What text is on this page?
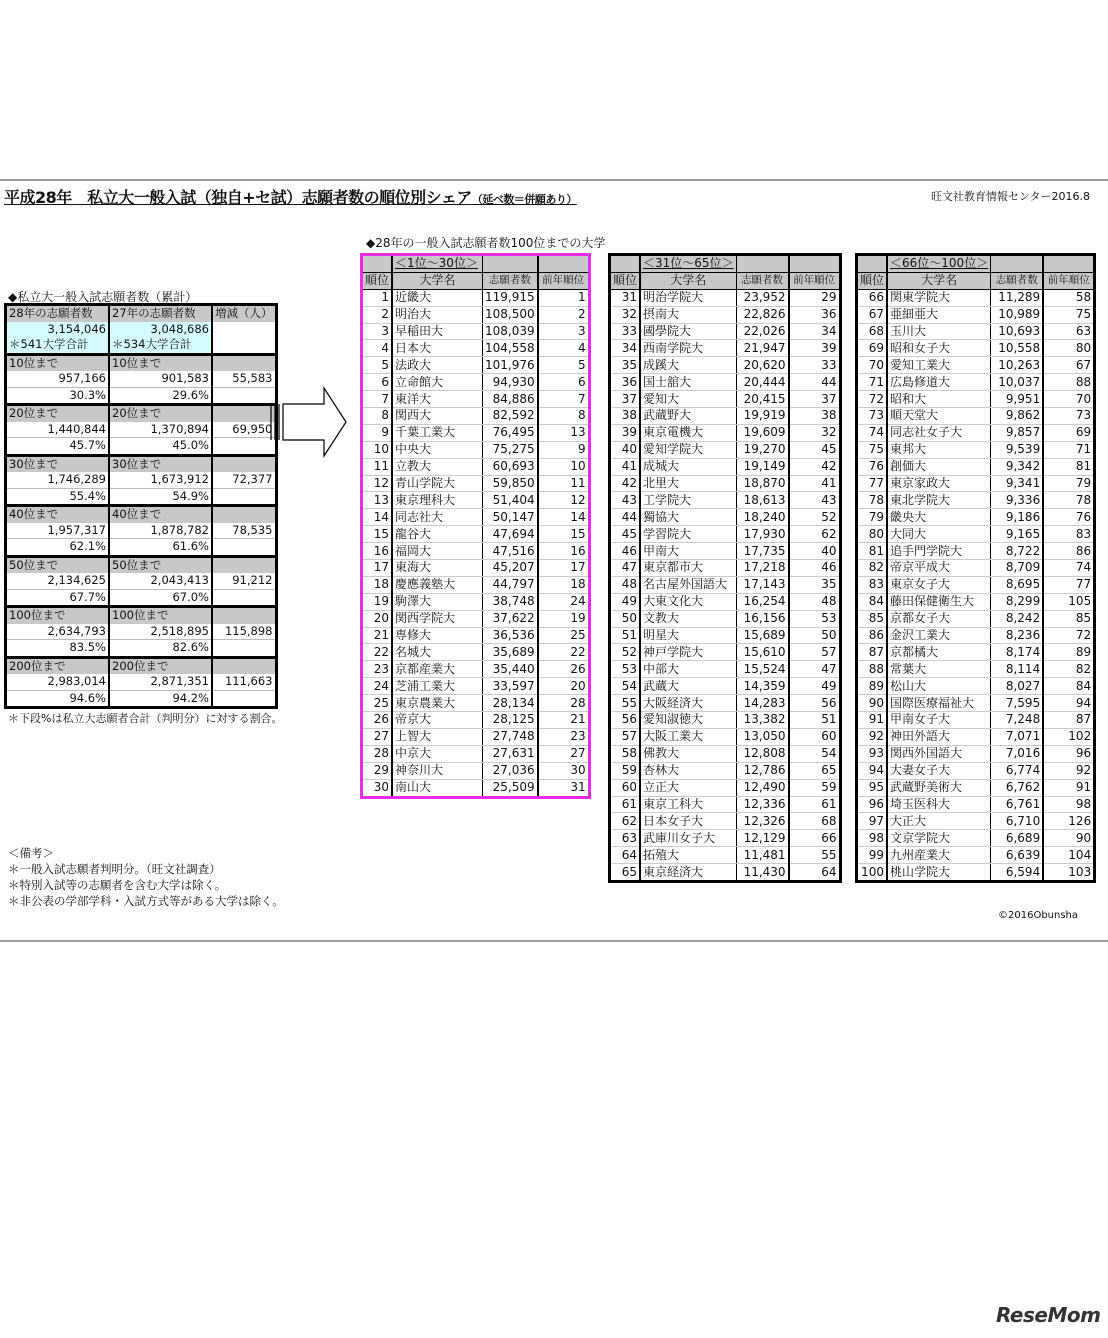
平成28年　私立大一般入試（独自+セ試）志願者数の順位別シェア（延べ数＝併願あり）	旺文社教育情報センター2016.8
◆私立大一般入試志願者数（累計）
28年の志願者数	27年の志願者数	増減（人）
3,154,046	3,048,686	
＊541大学合計	＊534大学合計	
10位まで	10位まで	
957,166	901,583	55,583
30.3%	29.6%	
20位まで	20位まで	
1,440,844	1,370,894	69,950
45.7%	45.0%	
30位まで	30位まで	
1,746,289	1,673,912	72,377
55.4%	54.9%	
40位まで	40位まで	
1,957,317	1,878,782	78,535
62.1%	61.6%	
50位まで	50位まで	
2,134,625	2,043,413	91,212
67.7%	67.0%	
100位まで	100位まで	
2,634,793	2,518,895	115,898
83.5%	82.6%	
200位まで	200位まで	
2,983,014	2,871,351	111,663
94.6%	94.2%	
＊下段%は私立大志願者合計（判明分）に対する割合。
◆28年の一般入試志願者数100位までの大学
	＜1位～30位＞		
順位	大学名	志願者数	前年順位
1	近畿大	119,915	1
2	明治大	108,500	2
3	早稲田大	108,039	3
4	日本大	104,558	4
5	法政大	101,976	5
6	立命館大	94,930	6
7	東洋大	84,886	7
8	関西大	82,592	8
9	千葉工業大	76,495	13
10	中央大	75,275	9
11	立教大	60,693	10
12	青山学院大	59,850	11
13	東京理科大	51,404	12
14	同志社大	50,147	14
15	龍谷大	47,694	15
16	福岡大	47,516	16
17	東海大	45,207	17
18	慶應義塾大	44,797	18
19	駒澤大	38,748	24
20	関西学院大	37,622	19
21	専修大	36,536	25
22	名城大	35,689	22
23	京都産業大	35,440	26
24	芝浦工業大	33,597	20
25	東京農業大	28,134	28
26	帝京大	28,125	21
27	上智大	27,748	23
28	中京大	27,631	27
29	神奈川大	27,036	30
30	南山大	25,509	31
	＜31位～65位＞		
順位	大学名	志願者数	前年順位
31	明治学院大	23,952	29
32	摂南大	22,826	36
33	國學院大	22,026	34
34	西南学院大	21,947	39
35	成蹊大	20,620	33
36	国士舘大	20,444	44
37	愛知大	20,415	37
38	武蔵野大	19,919	38
39	東京電機大	19,609	32
40	愛知学院大	19,270	45
41	成城大	19,149	42
42	北里大	18,870	41
43	工学院大	18,613	43
44	獨協大	18,240	52
45	学習院大	17,930	62
46	甲南大	17,735	40
47	東京都市大	17,218	46
48	名古屋外国語大	17,143	35
49	大東文化大	16,254	48
50	文教大	16,156	53
51	明星大	15,689	50
52	神戸学院大	15,610	57
53	中部大	15,524	47
54	武蔵大	14,359	49
55	大阪経済大	14,283	56
56	愛知淑徳大	13,382	51
57	大阪工業大	13,050	60
58	佛教大	12,808	54
59	杏林大	12,786	65
60	立正大	12,490	59
61	東京工科大	12,336	61
62	日本女子大	12,326	68
63	武庫川女子大	12,129	66
64	拓殖大	11,481	55
65	東京経済大	11,430	64
	＜66位～100位＞		
順位	大学名	志願者数	前年順位
66	関東学院大	11,289	58
67	亜細亜大	10,989	75
68	玉川大	10,693	63
69	昭和女子大	10,558	80
70	愛知工業大	10,263	67
71	広島修道大	10,037	88
72	昭和大	9,951	70
73	順天堂大	9,862	73
74	同志社女子大	9,857	69
75	東邦大	9,539	71
76	創価大	9,342	81
77	東京家政大	9,341	79
78	東北学院大	9,336	78
79	畿央大	9,186	76
80	大同大	9,165	83
81	追手門学院大	8,722	86
82	帝京平成大	8,709	74
83	東京女子大	8,695	77
84	藤田保健衛生大	8,299	105
85	京都女子大	8,242	85
86	金沢工業大	8,236	72
87	京都橘大	8,174	89
88	常葉大	8,114	82
89	松山大	8,027	84
90	国際医療福祉大	7,595	94
91	甲南女子大	7,248	87
92	神田外語大	7,071	102
93	関西外国語大	7,016	96
94	大妻女子大	6,774	92
95	武蔵野美術大	6,762	91
96	埼玉医科大	6,761	98
97	大正大	6,710	126
98	文京学院大	6,689	90
99	九州産業大	6,639	104
100	桃山学院大	6,594	103
＜備考＞
＊一般入試志願者判明分。（旺文社調査）
＊特別入試等の志願者を含む大学は除く。
＊非公表の学部学科・入試方式等がある大学は除く。
©2016Obunsha
ReseMom
